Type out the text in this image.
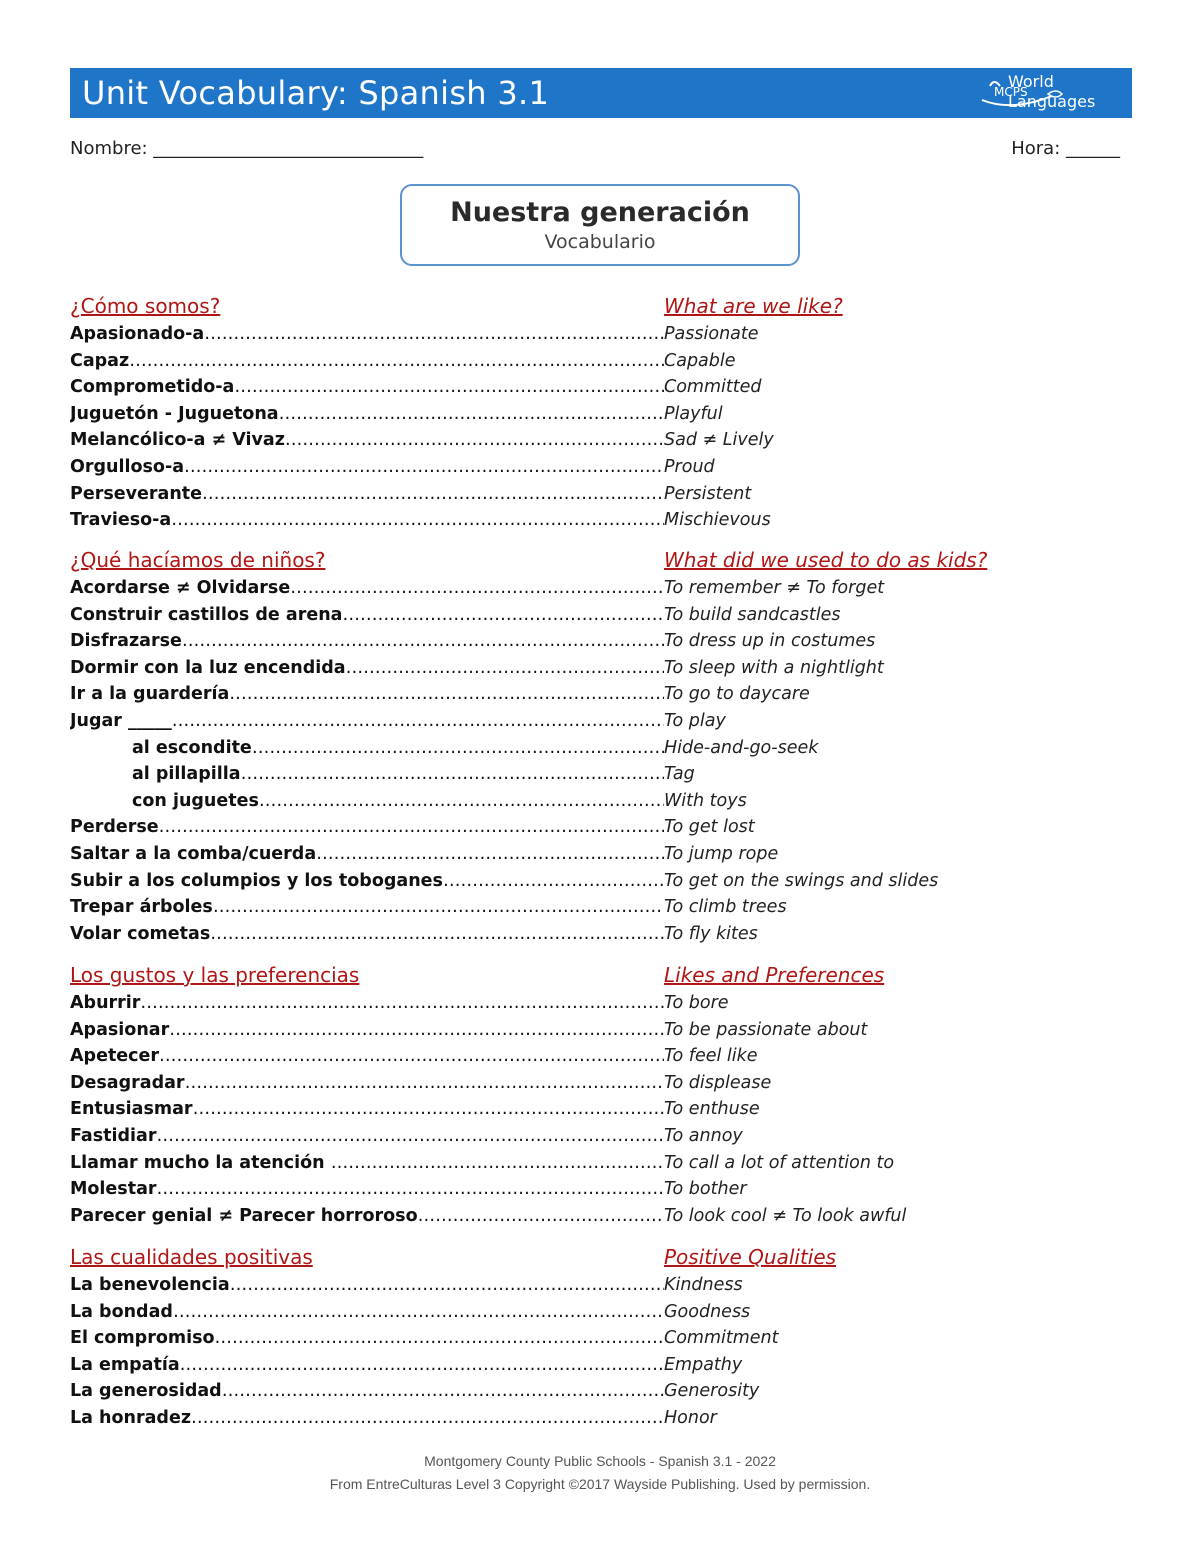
Unit Vocabulary: Spanish 3.1	MCPS
World
Languages
Nombre: ______________________________	Hora: ______
Nuestra generación
Vocabulario
¿Cómo somos?	What are we like?
Apasionado-a ……………………………………………………………………………………………………………………………………………………	Passionate
Capaz ……………………………………………………………………………………………………………………………………………………	Capable
Comprometido-a ……………………………………………………………………………………………………………………………………………………	Committed
Juguetón - Juguetona ……………………………………………………………………………………………………………………………………………………	Playful
Melancólico-a ≠ Vivaz ……………………………………………………………………………………………………………………………………………………	Sad ≠ Lively
Orgulloso-a ……………………………………………………………………………………………………………………………………………………	Proud
Perseverante ……………………………………………………………………………………………………………………………………………………	Persistent
Travieso-a ……………………………………………………………………………………………………………………………………………………	Mischievous
¿Qué hacíamos de niños?	What did we used to do as kids?
Acordarse ≠ Olvidarse ……………………………………………………………………………………………………………………………………………………	To remember ≠ To forget
Construir castillos de arena ……………………………………………………………………………………………………………………………………………………	To build sandcastles
Disfrazarse ……………………………………………………………………………………………………………………………………………………	To dress up in costumes
Dormir con la luz encendida ……………………………………………………………………………………………………………………………………………………	To sleep with a nightlight
Ir a la guardería ……………………………………………………………………………………………………………………………………………………	To go to daycare
Jugar _____ ……………………………………………………………………………………………………………………………………………………	To play
al escondite ……………………………………………………………………………………………………………………………………………………	Hide-and-go-seek
al pillapilla ……………………………………………………………………………………………………………………………………………………	Tag
con juguetes ……………………………………………………………………………………………………………………………………………………	With toys
Perderse ……………………………………………………………………………………………………………………………………………………	To get lost
Saltar a la comba/cuerda ……………………………………………………………………………………………………………………………………………………	To jump rope
Subir a los columpios y los toboganes ……………………………………………………………………………………………………………………………………………………	To get on the swings and slides
Trepar árboles ……………………………………………………………………………………………………………………………………………………	To climb trees
Volar cometas ……………………………………………………………………………………………………………………………………………………	To fly kites
Los gustos y las preferencias	Likes and Preferences
Aburrir ……………………………………………………………………………………………………………………………………………………	To bore
Apasionar ……………………………………………………………………………………………………………………………………………………	To be passionate about
Apetecer ……………………………………………………………………………………………………………………………………………………	To feel like
Desagradar ……………………………………………………………………………………………………………………………………………………	To displease
Entusiasmar ……………………………………………………………………………………………………………………………………………………	To enthuse
Fastidiar ……………………………………………………………………………………………………………………………………………………	To annoy
Llamar mucho la atención ……………………………………………………………………………………………………………………………………………………	To call a lot of attention to
Molestar ……………………………………………………………………………………………………………………………………………………	To bother
Parecer genial ≠ Parecer horroroso ……………………………………………………………………………………………………………………………………………………	To look cool ≠ To look awful
Las cualidades positivas	Positive Qualities
La benevolencia ……………………………………………………………………………………………………………………………………………………	Kindness
La bondad ……………………………………………………………………………………………………………………………………………………	Goodness
El compromiso ……………………………………………………………………………………………………………………………………………………	Commitment
La empatía ……………………………………………………………………………………………………………………………………………………	Empathy
La generosidad ……………………………………………………………………………………………………………………………………………………	Generosity
La honradez ……………………………………………………………………………………………………………………………………………………	Honor
Montgomery County Public Schools - Spanish 3.1 - 2022
From EntreCulturas Level 3 Copyright ©2017 Wayside Publishing. Used by permission.
